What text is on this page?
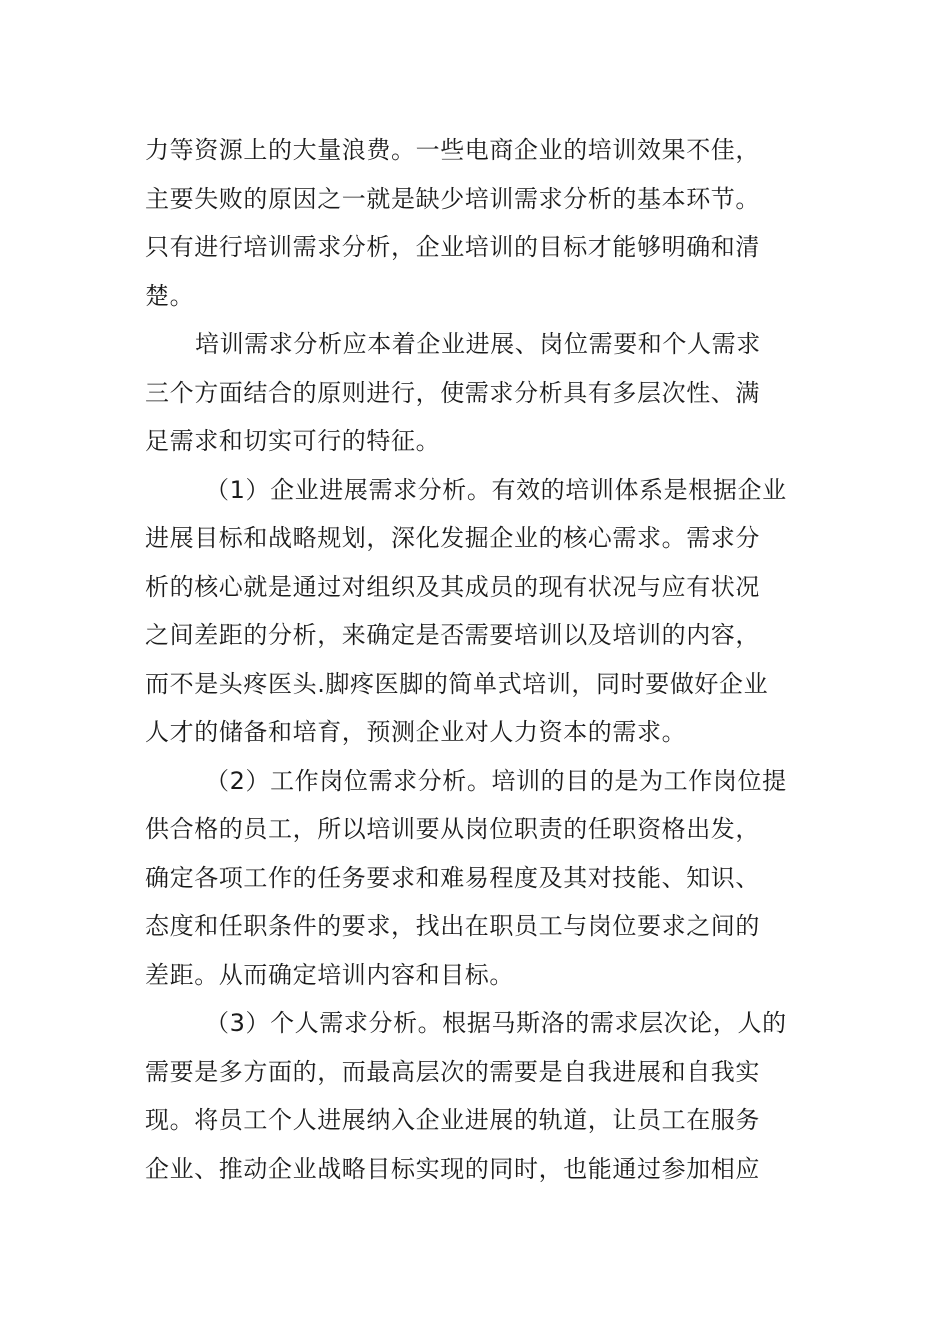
力等资源上的大量浪费。一些电商企业的培训效果不佳，
主要失败的原因之一就是缺少培训需求分析的基本环节。
只有进行培训需求分析，企业培训的目标才能够明确和清
楚。

培训需求分析应本着企业进展、岗位需要和个人需求
三个方面结合的原则进行，使需求分析具有多层次性、满
足需求和切实可行的特征。

（1）企业进展需求分析。有效的培训体系是根据企业
进展目标和战略规划，深化发掘企业的核心需求。需求分
析的核心就是通过对组织及其成员的现有状况与应有状况
之间差距的分析，来确定是否需要培训以及培训的内容，
而不是头疼医头.脚疼医脚的简单式培训，同时要做好企业
人才的储备和培育，预测企业对人力资本的需求。

（2）工作岗位需求分析。培训的目的是为工作岗位提
供合格的员工，所以培训要从岗位职责的任职资格出发，
确定各项工作的任务要求和难易程度及其对技能、知识、
态度和任职条件的要求，找出在职员工与岗位要求之间的
差距。从而确定培训内容和目标。

（3）个人需求分析。根据马斯洛的需求层次论，人的
需要是多方面的，而最高层次的需要是自我进展和自我实
现。将员工个人进展纳入企业进展的轨道，让员工在服务
企业、推动企业战略目标实现的同时，也能通过参加相应
